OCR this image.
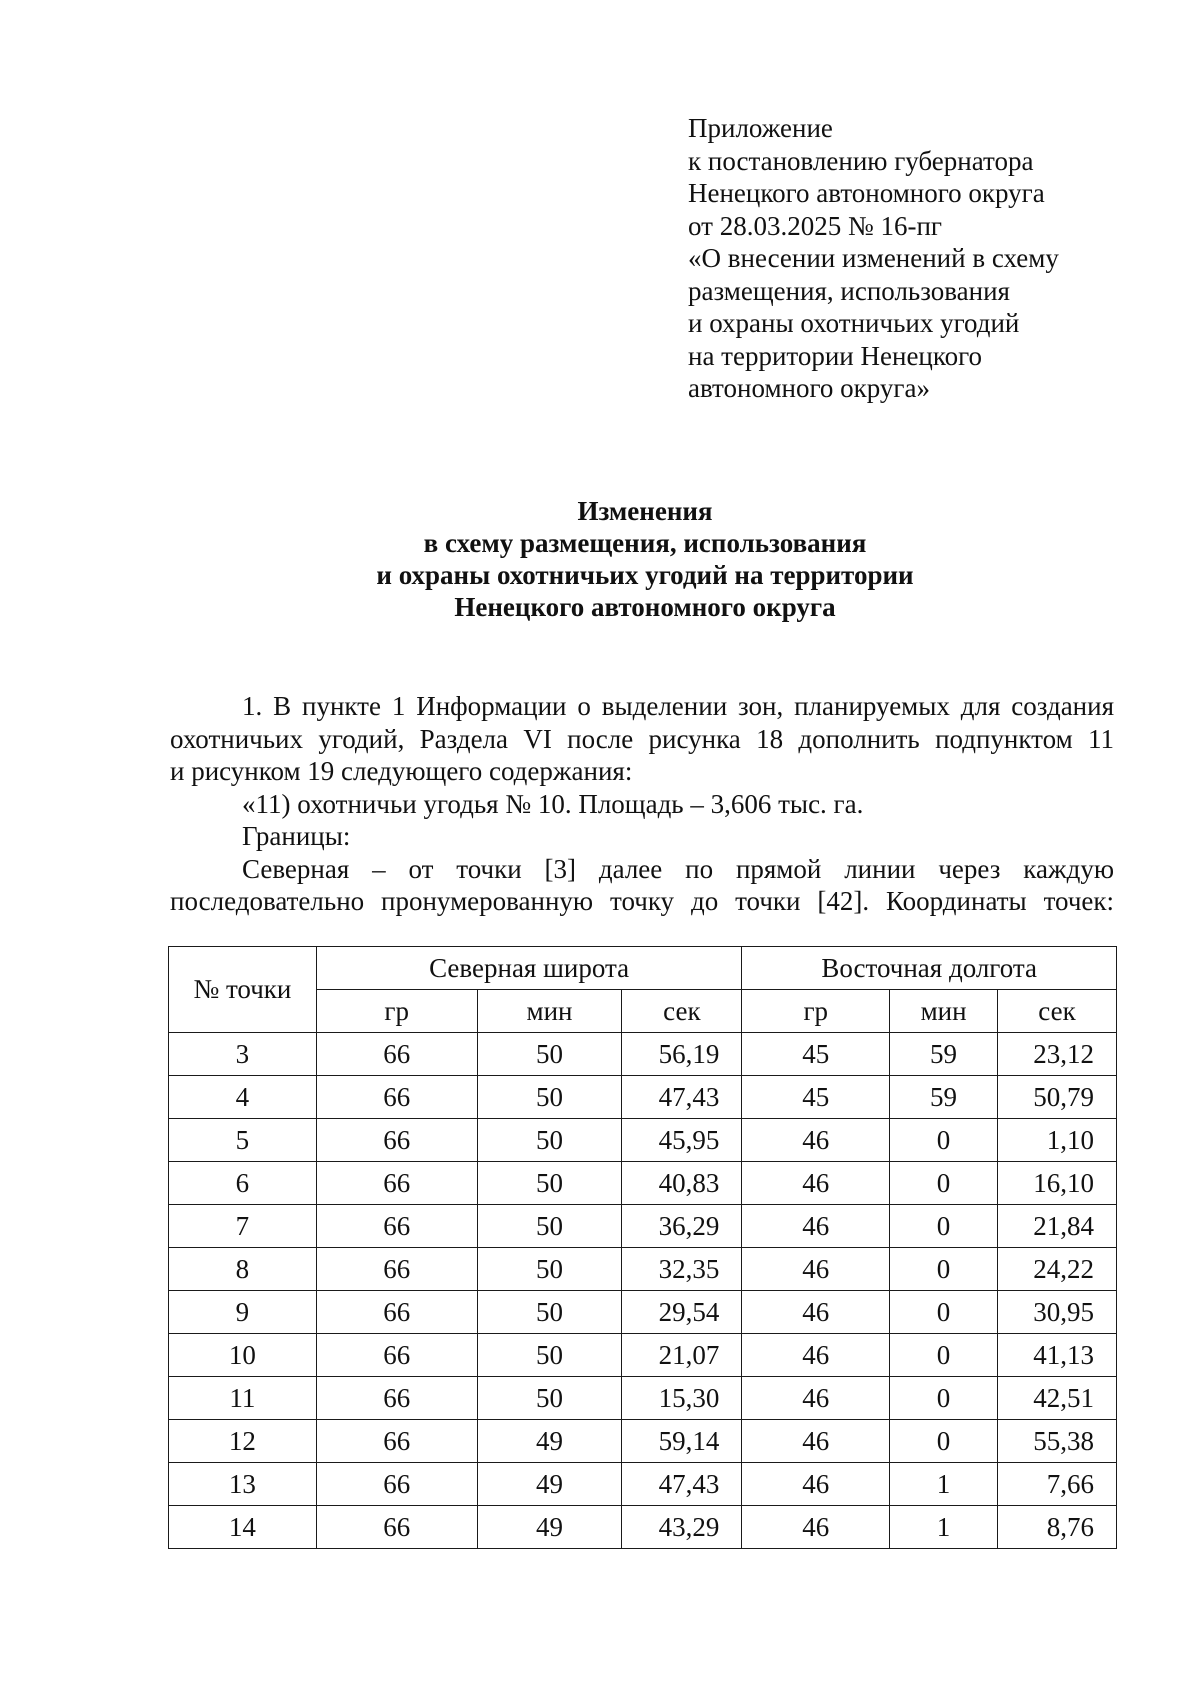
Приложение
к постановлению губернатора
Ненецкого автономного округа
от 28.03.2025 № 16-пг
«О внесении изменений в схему
размещения, использования
и охраны охотничьих угодий
на территории Ненецкого
автономного округа»
Изменения
в схему размещения, использования
и охраны охотничьих угодий на территории
Ненецкого автономного округа

1. В пункте 1 Информации о выделении зон, планируемых для создания

охотничьих угодий, Раздела VI после рисунка 18 дополнить подпунктом 11

и рисунком 19 следующего содержания:

«11) охотничьи угодья № 10. Площадь – 3,606 тыс. га.

Границы:

Северная – от точки [3] далее по прямой линии через каждую

последовательно пронумерованную точку до точки [42]. Координаты точек:

№ точки	Северная широта			Восточная долгота		
	гр	мин	сек	гр	мин	сек
3	66	50	56,19	45	59	23,12
4	66	50	47,43	45	59	50,79
5	66	50	45,95	46	0	1,10
6	66	50	40,83	46	0	16,10
7	66	50	36,29	46	0	21,84
8	66	50	32,35	46	0	24,22
9	66	50	29,54	46	0	30,95
10	66	50	21,07	46	0	41,13
11	66	50	15,30	46	0	42,51
12	66	49	59,14	46	0	55,38
13	66	49	47,43	46	1	7,66
14	66	49	43,29	46	1	8,76
